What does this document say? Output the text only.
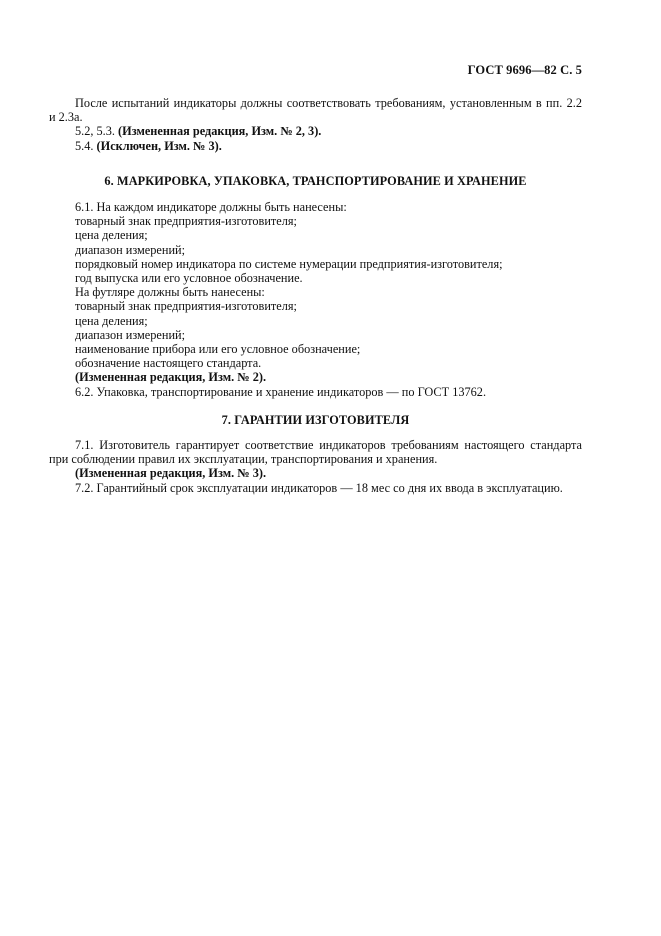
ГОСТ 9696—82 С. 5

После испытаний индикаторы должны соответствовать требованиям, установленным в пп. 2.2

и 2.3а.

5.2, 5.3. (Измененная редакция, Изм. № 2, 3).

5.4. (Исключен, Изм. № 3).

6. МАРКИРОВКА, УПАКОВКА, ТРАНСПОРТИРОВАНИЕ И ХРАНЕНИЕ

6.1. На каждом индикаторе должны быть нанесены:

товарный знак предприятия-изготовителя;

цена деления;

диапазон измерений;

порядковый номер индикатора по системе нумерации предприятия-изготовителя;

год выпуска или его условное обозначение.

На футляре должны быть нанесены:

товарный знак предприятия-изготовителя;

цена деления;

диапазон измерений;

наименование прибора или его условное обозначение;

обозначение настоящего стандарта.

(Измененная редакция, Изм. № 2).

6.2. Упаковка, транспортирование и хранение индикаторов — по ГОСТ 13762.

7. ГАРАНТИИ ИЗГОТОВИТЕЛЯ

7.1. Изготовитель гарантирует соответствие индикаторов требованиям настоящего стандарта

при соблюдении правил их эксплуатации, транспортирования и хранения.

(Измененная редакция, Изм. № 3).

7.2. Гарантийный срок эксплуатации индикаторов — 18 мес со дня их ввода в эксплуатацию.
